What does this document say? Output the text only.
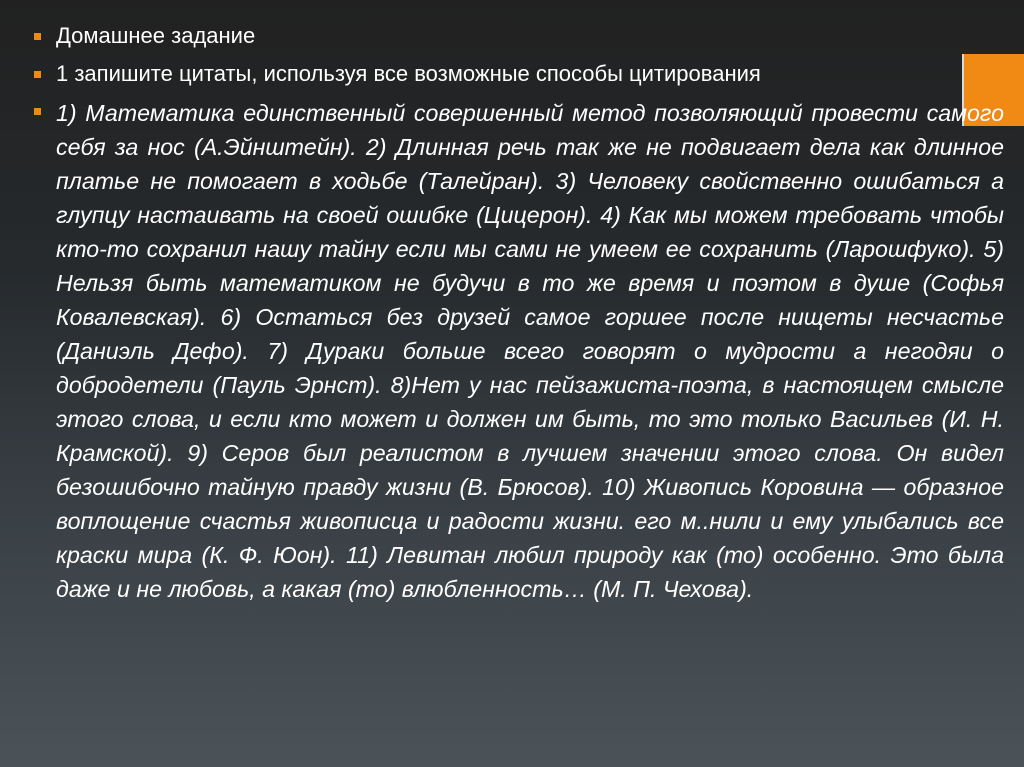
Домашнее задание
1 запишите цитаты, используя все возможные способы цитирования
1) Математика единственный совершенный метод позволяющий провести самого себя за нос (А.Эйнштейн). 2) Длинная речь так же не подвигает дела как длинное платье не помогает в ходьбе (Талейран). 3) Человеку свойственно ошибаться а глупцу настаивать на своей ошибке (Цицерон). 4) Как мы можем требовать чтобы кто-то сохранил нашу тайну если мы сами не умеем ее сохранить (Ларошфуко). 5) Нельзя быть математиком не будучи в то же время и поэтом в душе (Софья Ковалевская). 6) Остаться без друзей самое горшее после нищеты несчастье (Даниэль Дефо). 7) Дураки больше всего говорят о мудрости а негодяи о добродетели (Пауль Эрнст). 8)Нет у нас пейзажиста-поэта, в настоящем смысле этого слова, и если кто может и должен им быть, то это только Васильев (И. Н. Крамской). 9) Серов был реалистом в лучшем значении этого слова. Он видел безошибочно тайную правду жизни (В. Брюсов). 10) Живопись Коровина — образное воплощение счастья живописца и радости жизни. его м..нили и ему улыбались все краски мира (К. Ф. Юон). 11) Левитан любил природу как (то) особенно. Это была даже и не любовь, а какая (то) влюбленность… (М. П. Чехова).
